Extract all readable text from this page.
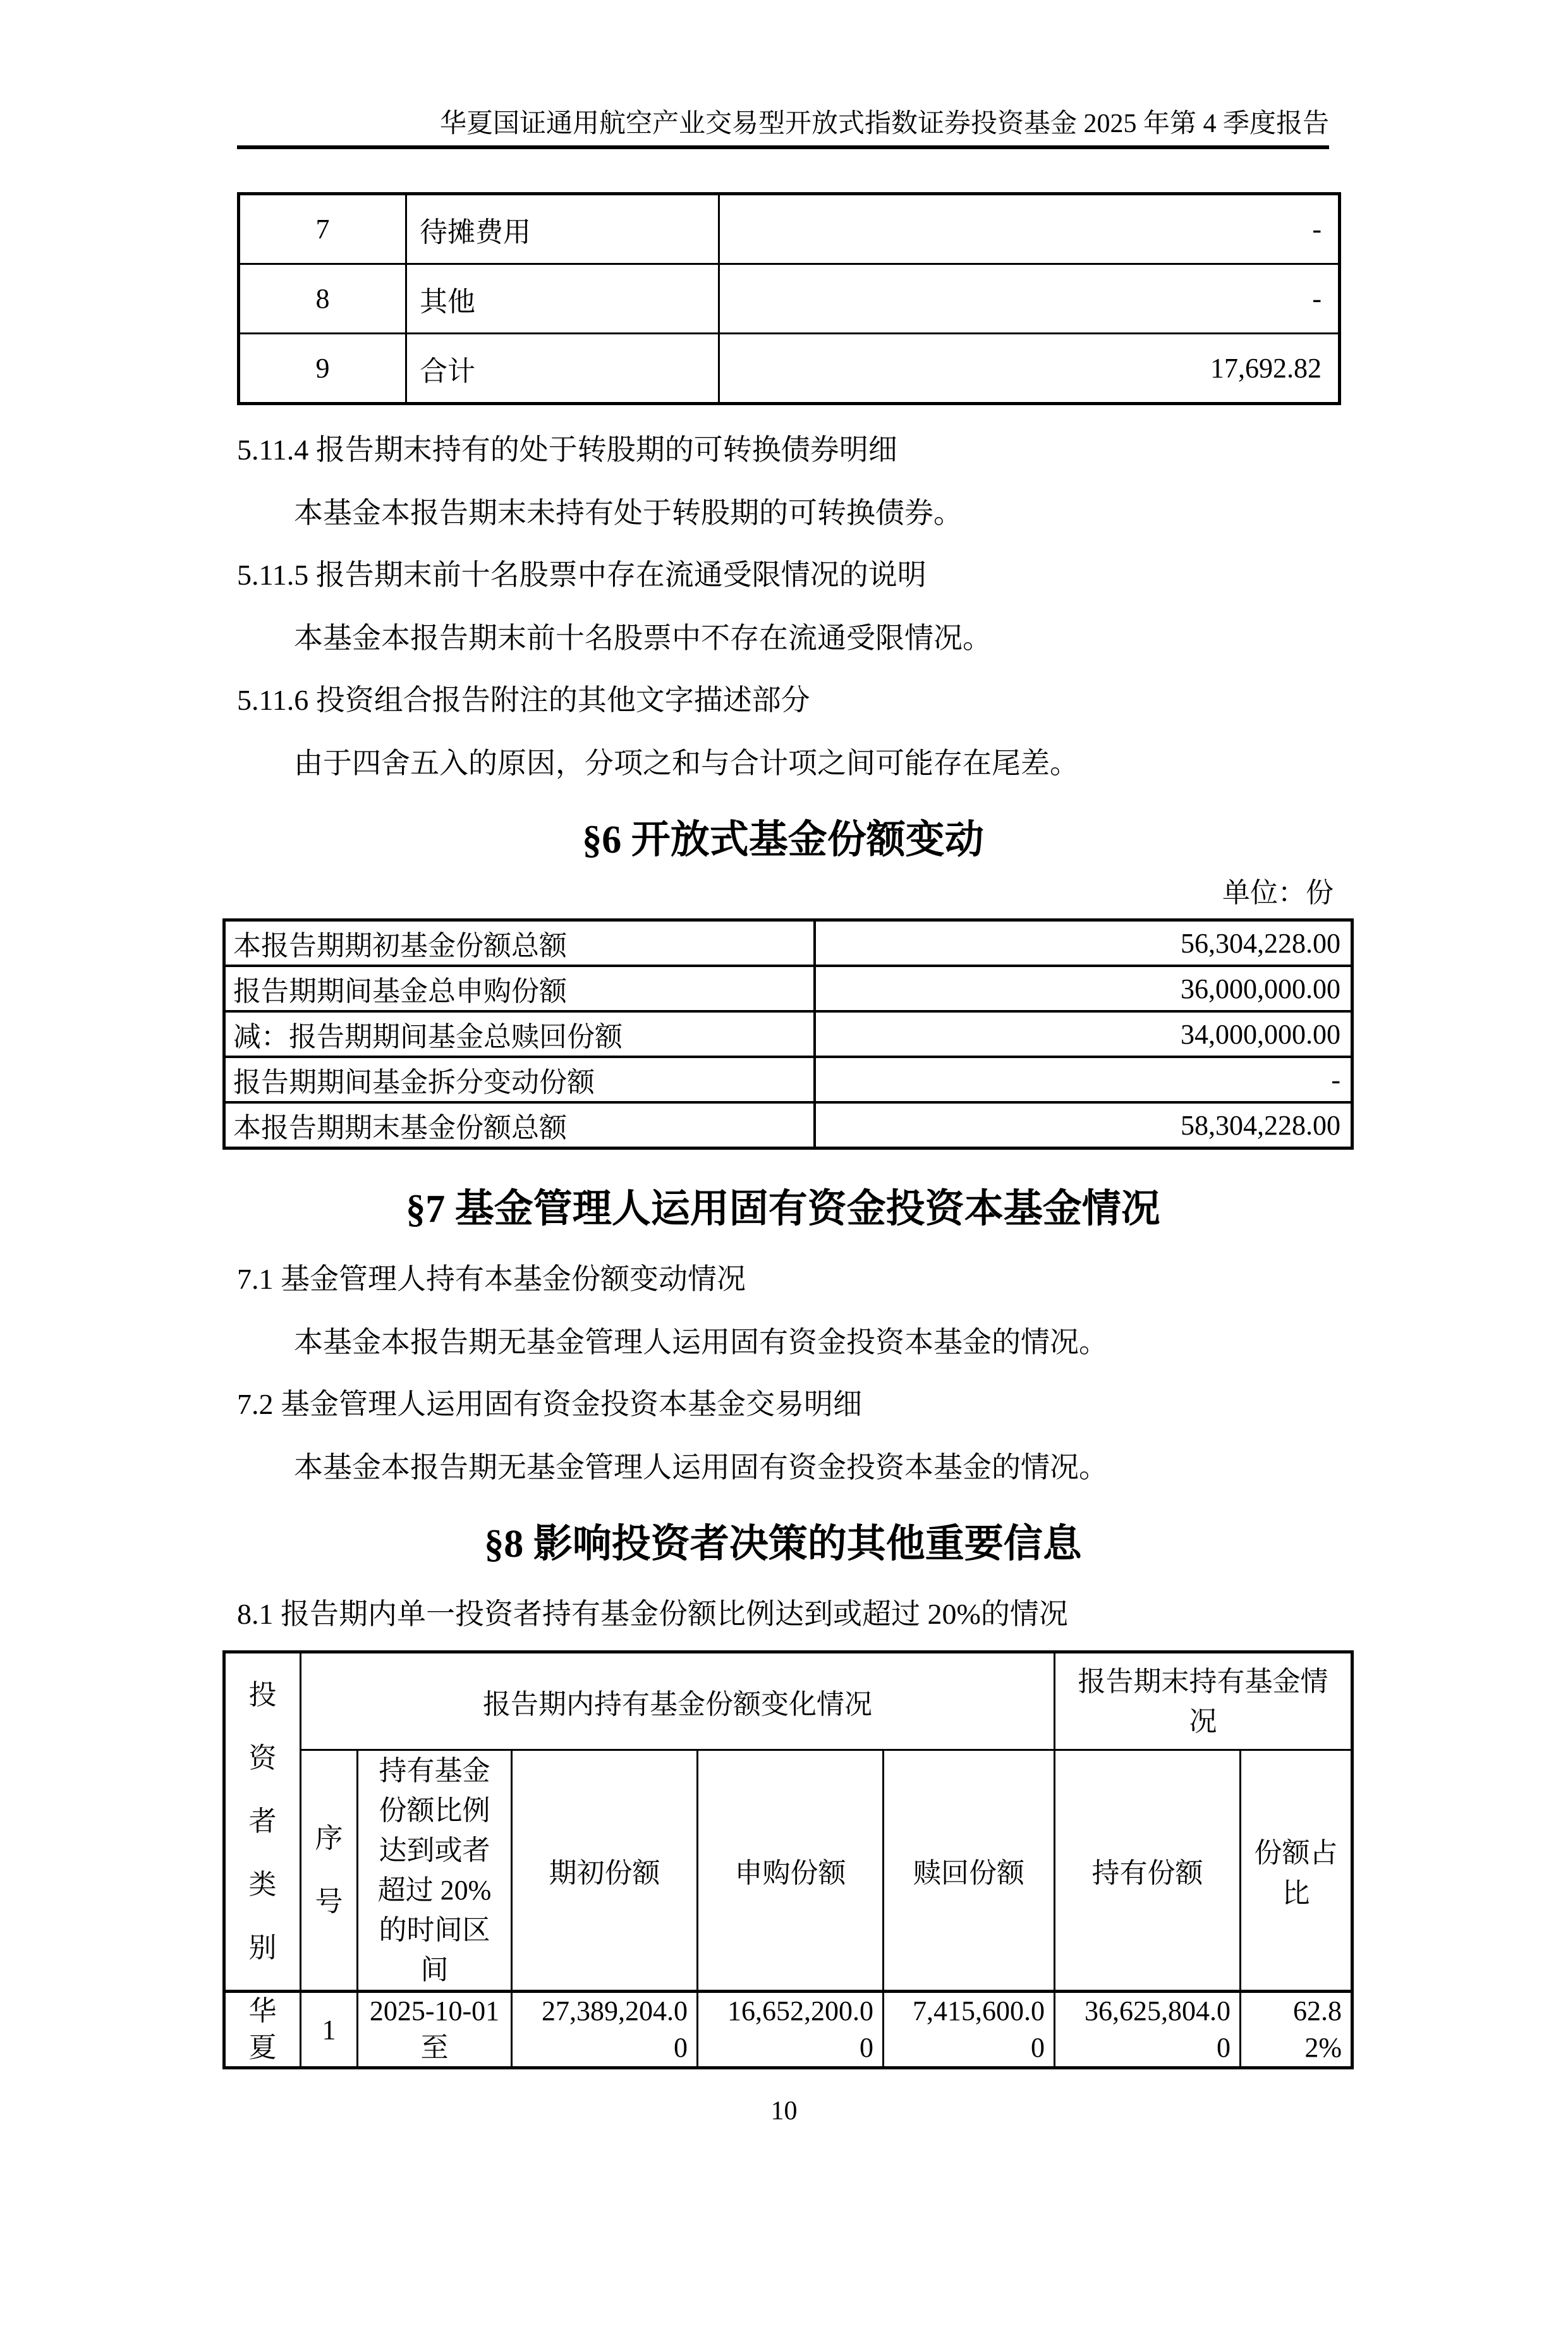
华夏国证通用航空产业交易型开放式指数证券投资基金 2025 年第 4 季度报告
7	待摊费用	-
8	其他	-
9	合计	17,692.82
5.11.4 报告期末持有的处于转股期的可转换债券明细
本基金本报告期末未持有处于转股期的可转换债券。
5.11.5 报告期末前十名股票中存在流通受限情况的说明
本基金本报告期末前十名股票中不存在流通受限情况。
5.11.6 投资组合报告附注的其他文字描述部分
由于四舍五入的原因，分项之和与合计项之间可能存在尾差。
§6 开放式基金份额变动
单位：份
本报告期期初基金份额总额	56,304,228.00
报告期期间基金总申购份额	36,000,000.00
减：报告期期间基金总赎回份额	34,000,000.00
报告期期间基金拆分变动份额	-
本报告期期末基金份额总额	58,304,228.00
§7 基金管理人运用固有资金投资本基金情况
7.1 基金管理人持有本基金份额变动情况
本基金本报告期无基金管理人运用固有资金投资本基金的情况。
7.2 基金管理人运用固有资金投资本基金交易明细
本基金本报告期无基金管理人运用固有资金投资本基金的情况。
§8 影响投资者决策的其他重要信息
8.1 报告期内单一投资者持有基金份额比例达到或超过 20%的情况
投资者类别	报告期内持有基金份额变化情况					报告期末持有基金情况	
	序号	持有基金份额比例达到或者超过 20%的时间区间	期初份额	申购份额	赎回份额	持有份额	份额占比
华夏	1	2025-10-01 至	27,389,204.00	16,652,200.00	7,415,600.00	36,625,804.00	62.82%
10
